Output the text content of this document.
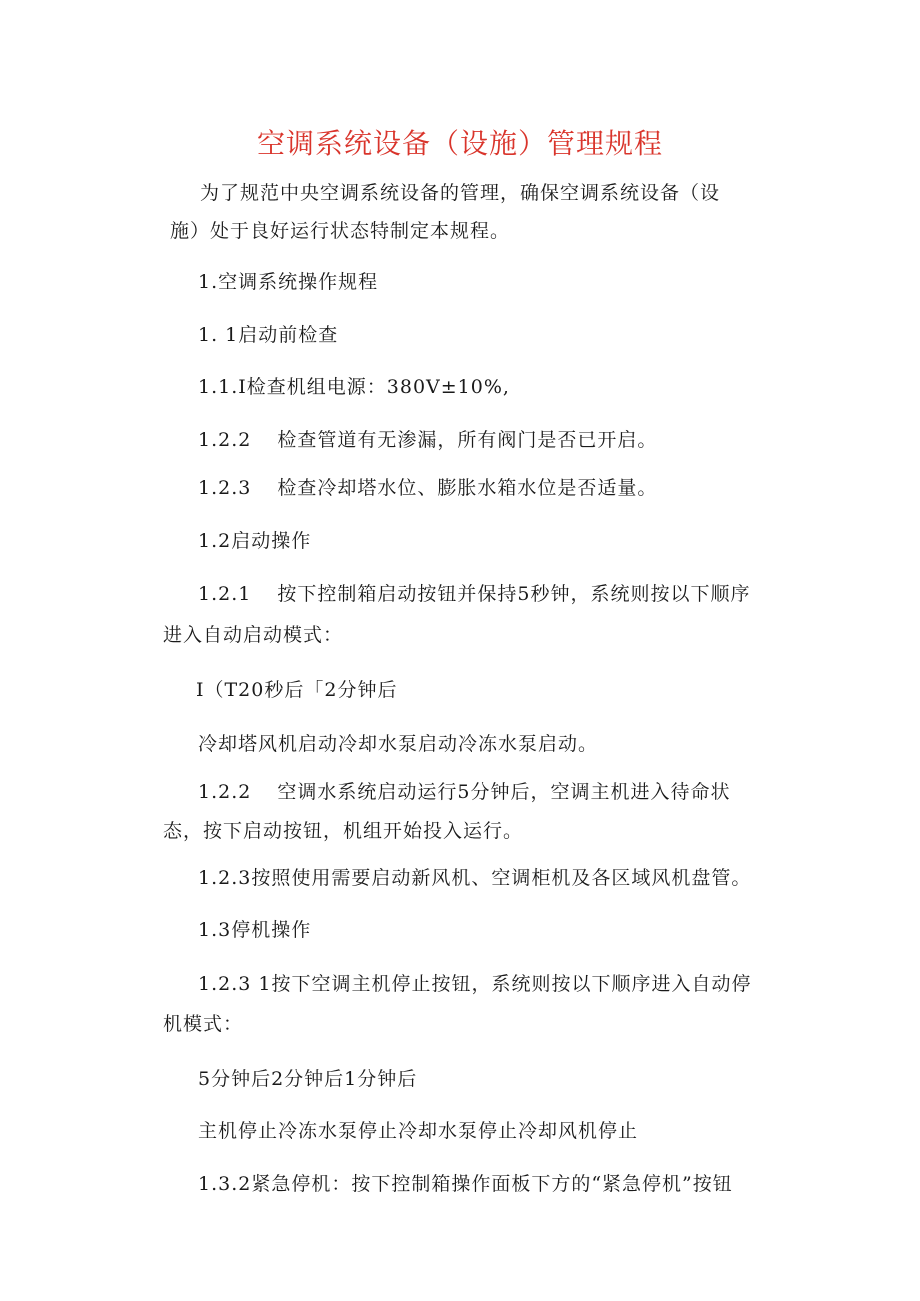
空调系统设备（设施）管理规程
为了规范中央空调系统设备的管理，确保空调系统设备（设
施）处于良好运行状态特制定本规程。
1.空调系统操作规程
1. 1启动前检查
1.1.I检查机组电源：380V±10%,
1.2.2 检查管道有无渗漏，所有阀门是否已开启。
1.2.3 检查冷却塔水位、膨胀水箱水位是否适量。
1.2启动操作
1.2.1 按下控制箱启动按钮并保持5秒钟，系统则按以下顺序
进入自动启动模式：
I（T20秒后「2分钟后
冷却塔风机启动冷却水泵启动冷冻水泵启动。
1.2.2 空调水系统启动运行5分钟后，空调主机进入待命状
态，按下启动按钮，机组开始投入运行。
1.2.3按照使用需要启动新风机、空调柜机及各区域风机盘管。
1.3停机操作
1.2.3 1按下空调主机停止按钮，系统则按以下顺序进入自动停
机模式：
5分钟后2分钟后1分钟后
主机停止冷冻水泵停止冷却水泵停止冷却风机停止
1.3.2紧急停机：按下控制箱操作面板下方的“紧急停机”按钮
